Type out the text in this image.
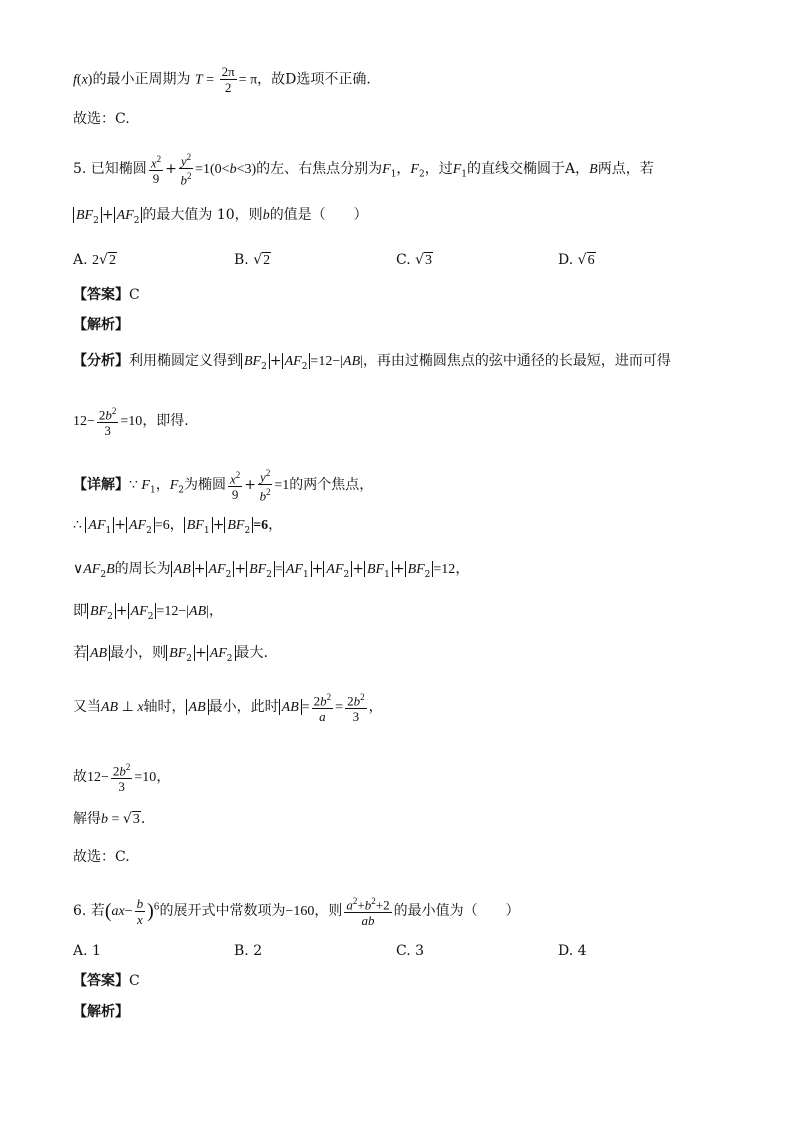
f(x)的最小正周期为 $T = \frac{2\pi}{2} = \pi$，故D选项不正确.
故选：C.
5. 已知椭圆 $\frac{x^2}{9} + \frac{y^2}{b^2} =1(0<b<3)$的左、右焦点分别为$F_1$，$F_2$，过$F_1$的直线交椭圆于A，B两点，若
$BF_2 + AF_2$ 的最大值为 10，则b的值是（　　）
A. 2√2	B. √2	C. √3	D. √6
【答案】C
【解析】
【分析】利用椭圆定义得到 $BF_2 + AF_2 =12-|AB|$，再由过椭圆焦点的弦中通径的长最短，进而可得
$12- \frac{2b^2}{3} =10$，即得.
【详解】∵ $F_1$，$F_2$为椭圆 $\frac{x^2}{9} + \frac{y^2}{b^2} =1$的两个焦点，
∴ $AF_1 + AF_2 =6$， $BF_1 + BF_2 =6$，
$\vee AF_2B$的周长为 AB + $AF_2 + BF_2 = AF_1 + AF_2 + BF_1 + BF_2 =12$，
即 $BF_2 + AF_2 =12-|AB|$，
若 AB 最小，则 $BF_2 + AF_2$ 最大.
又当AB ⊥ x轴时， AB 最小，此时 AB = $\frac{2b^2}{a} = \frac{2b^2}{3}$ ，
故$12- \frac{2b^2}{3} =10$，
解得b = √3.
故选：C.
6. 若$(ax- \frac{b}{x} )^6$的展开式中常数项为−160，则 $\frac{a^2+b^2+2}{ab}$ 的最小值为（　　）
A. 1	B. 2	C. 3	D. 4
【答案】C
【解析】
